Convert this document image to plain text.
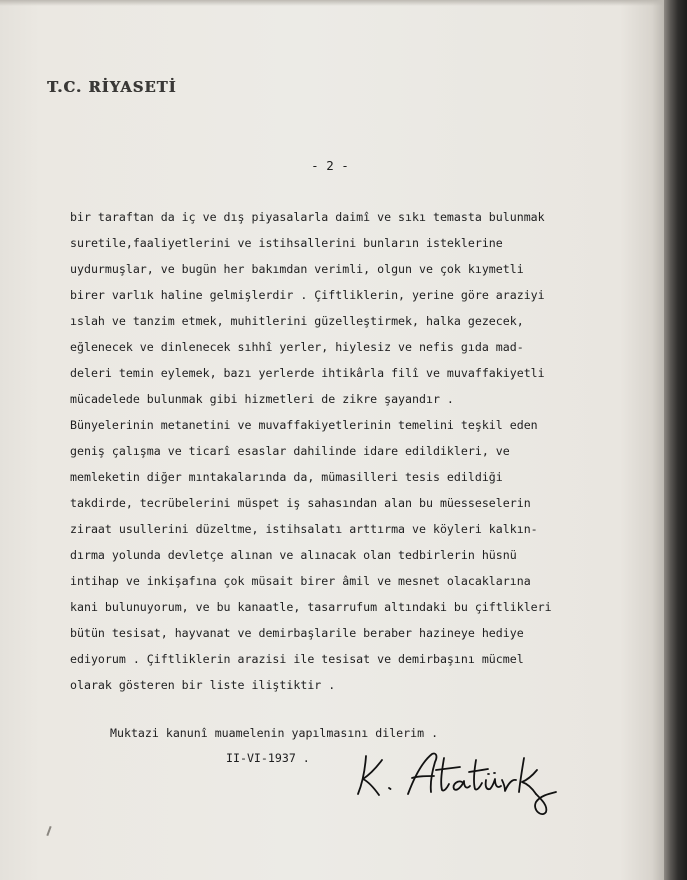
T.C. RİYASETİ
- 2 -
bir taraftan da iç ve dış piyasalarla daimî ve sıkı temasta bulunmak
suretile,faaliyetlerini ve istihsallerini bunların isteklerine
uydurmuşlar, ve bugün her bakımdan verimli, olgun ve çok kıymetli
birer varlık haline gelmişlerdir . Çiftliklerin, yerine göre araziyi
ıslah ve tanzim etmek, muhitlerini güzelleştirmek, halka gezecek,
eğlenecek ve dinlenecek sıhhî yerler, hiylesiz ve nefis gıda mad-
deleri temin eylemek, bazı yerlerde ihtikârla filî ve muvaffakiyetli
mücadelede bulunmak gibi hizmetleri de zikre şayandır .
Bünyelerinin metanetini ve muvaffakiyetlerinin temelini teşkil eden
geniş çalışma ve ticarî esaslar dahilinde idare edildikleri, ve
memleketin diğer mıntakalarında da, mümasilleri tesis edildiği
takdirde, tecrübelerini müspet iş sahasından alan bu müesseselerin
ziraat usullerini düzeltme, istihsalatı arttırma ve köyleri kalkın-
dırma yolunda devletçe alınan ve alınacak olan tedbirlerin hüsnü
intihap ve inkişafına çok müsait birer âmil ve mesnet olacaklarına
kani bulunuyorum, ve bu kanaatle, tasarrufum altındaki bu çiftlikleri
bütün tesisat, hayvanat ve demirbaşlarile beraber hazineye hediye
ediyorum . Çiftliklerin arazisi ile tesisat ve demirbaşını mücmel
olarak gösteren bir liste iliştiktir .
Muktazi kanunî muamelenin yapılmasını dilerim .
II-VI-1937 .
